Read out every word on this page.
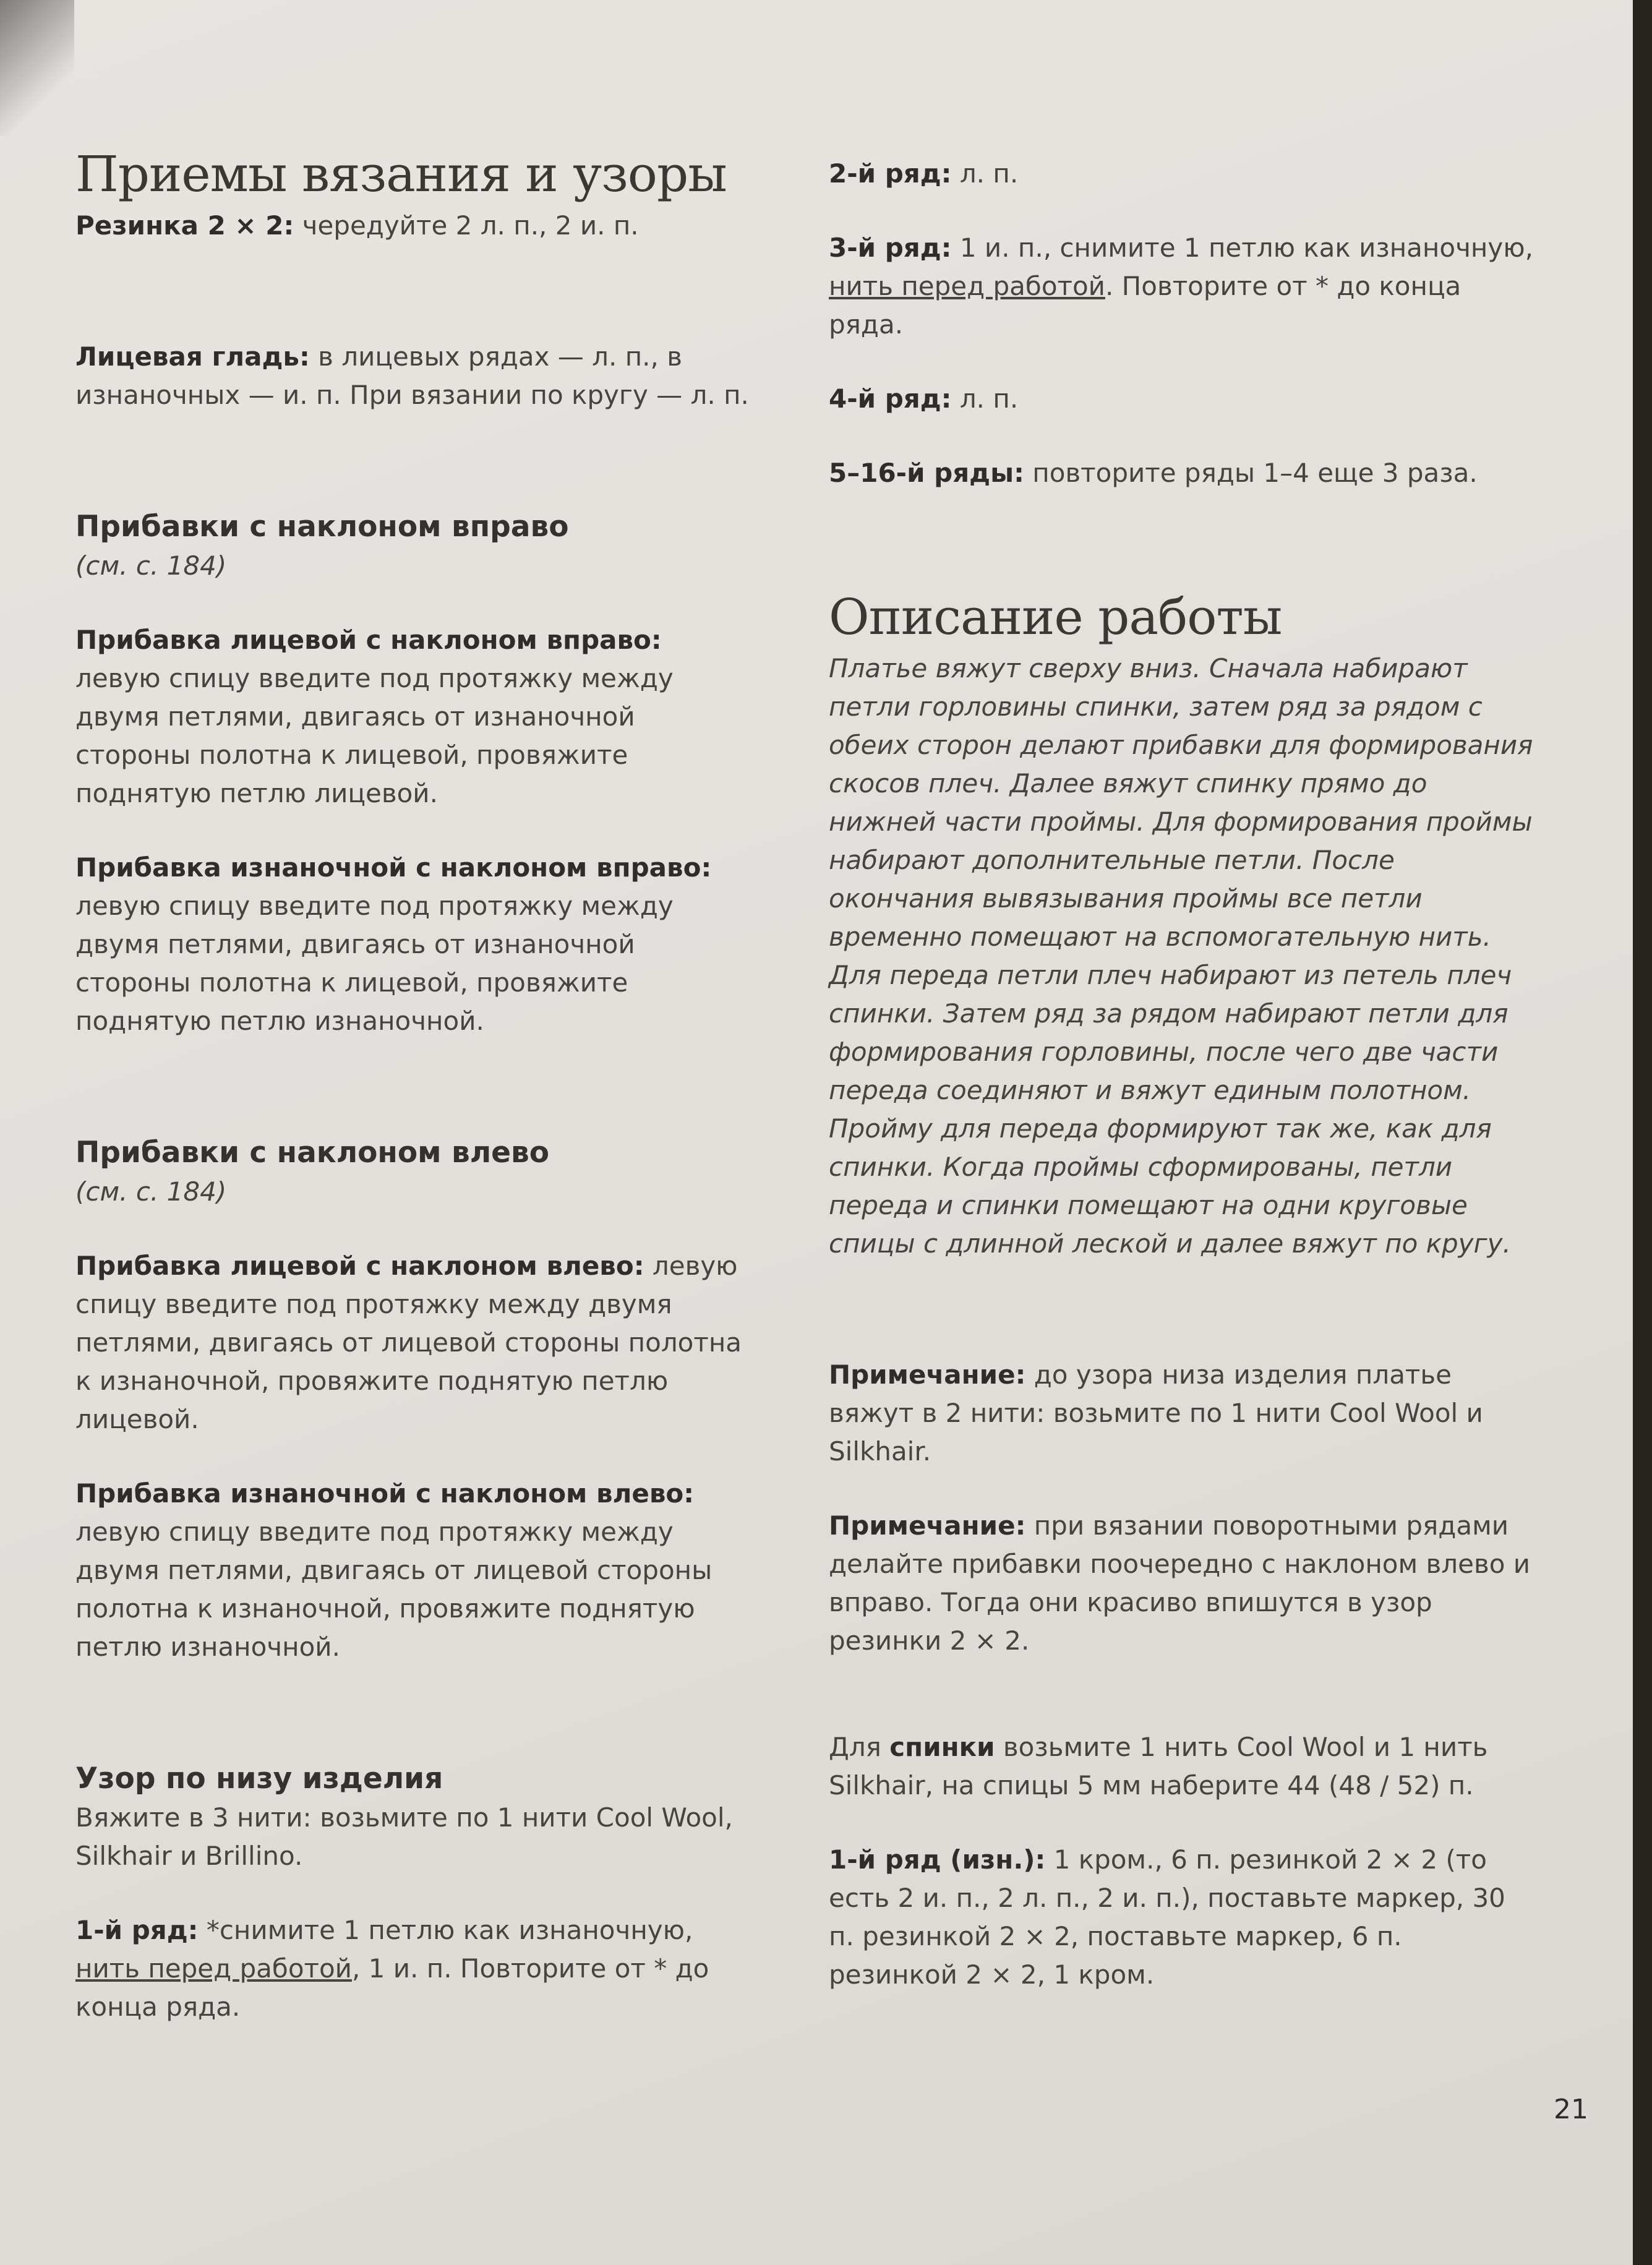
Приемы вязания и узоры

Резинка 2 × 2: чередуйте 2 л. п., 2 и. п.

Лицевая гладь: в лицевых рядах — л. п., в изнаночных — и. п. При вязании по кругу — л. п.

Прибавки с наклоном вправо

(см. с. 184)

Прибавка лицевой с наклоном вправо: левую спицу введите под протяжку между двумя петлями, двигаясь от изнаночной стороны полотна к лицевой, провяжите поднятую петлю лицевой.

Прибавка изнаночной с наклоном вправо: левую спицу введите под протяжку между двумя петлями, двигаясь от изнаночной стороны полотна к лицевой, провяжите поднятую петлю изнаночной.

Прибавки с наклоном влево

(см. с. 184)

Прибавка лицевой с наклоном влево: левую спицу введите под протяжку между двумя петлями, двигаясь от лицевой стороны полотна к изнаночной, провяжите поднятую петлю лицевой.

Прибавка изнаночной с наклоном влево: левую спицу введите под протяжку между двумя петлями, двигаясь от лицевой стороны полотна к изнаночной, провяжите поднятую петлю изнаночной.

Узор по низу изделия

Вяжите в 3 нити: возьмите по 1 нити Cool Wool, Silkhair и Brillino.

1-й ряд: *снимите 1 петлю как изнаночную, нить перед работой, 1 и. п. Повторите от * до конца ряда.

2-й ряд: л. п.

3-й ряд: 1 и. п., снимите 1 петлю как изнаночную, нить перед работой. Повторите от * до конца ряда.

4-й ряд: л. п.

5–16-й ряды: повторите ряды 1–4 еще 3 раза.

Описание работы

Платье вяжут сверху вниз. Сначала набирают петли горловины спинки, затем ряд за рядом с обеих сторон делают прибавки для формирования скосов плеч. Далее вяжут спинку прямо до нижней части проймы. Для формирования проймы набирают дополнительные петли. После окончания вывязывания проймы все петли временно помещают на вспомогательную нить. Для переда петли плеч набирают из петель плеч спинки. Затем ряд за рядом набирают петли для формирования горловины, после чего две части переда соединяют и вяжут единым полотном. Пройму для переда формируют так же, как для спинки. Когда проймы сформированы, петли переда и спинки помещают на одни круговые спицы с длинной леской и далее вяжут по кругу.

Примечание: до узора низа изделия платье вяжут в 2 нити: возьмите по 1 нити Cool Wool и Silkhair.

Примечание: при вязании поворотными рядами делайте прибавки поочередно с наклоном влево и вправо. Тогда они красиво впишутся в узор резинки 2 × 2.

Для спинки возьмите 1 нить Cool Wool и 1 нить Silkhair, на спицы 5 мм наберите 44 (48 / 52) п.

1-й ряд (изн.): 1 кром., 6 п. резинкой 2 × 2 (то есть 2 и. п., 2 л. п., 2 и. п.), поставьте маркер, 30 п. резинкой 2 × 2, поставьте маркер, 6 п. резинкой 2 × 2, 1 кром.

21
